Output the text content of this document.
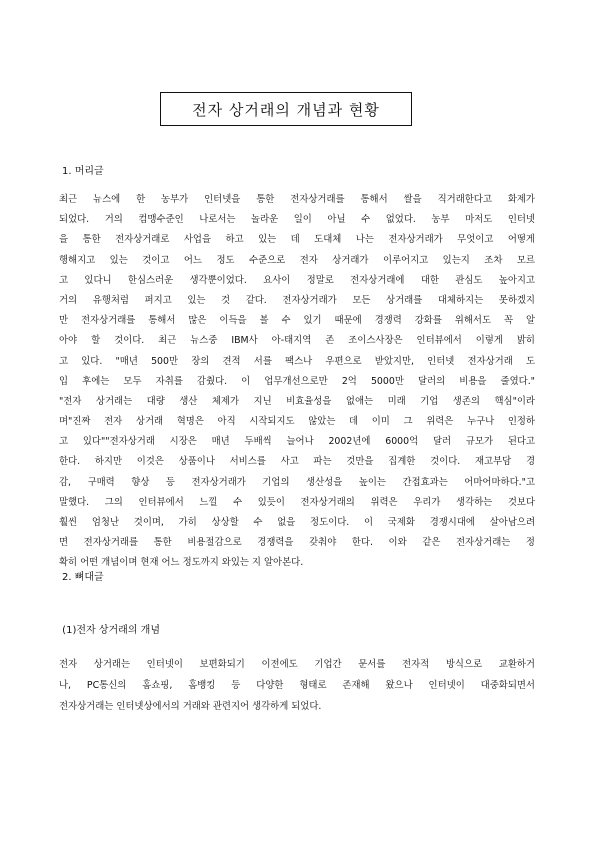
전자 상거래의 개념과 현황
1. 머리글

최근 뉴스에 한 농부가 인터넷을 통한 전자상거래를 통해서 쌀을 직거래한다고 화제가
되었다. 거의 컴맹수준인 나로서는 놀라운 일이 아닐 수 없었다. 농부 마저도 인터넷
을 통한 전자상거래로 사업을 하고 있는 데 도대체 나는 전자상거래가 무엇이고 어떻게
행해지고 있는 것이고 어느 정도 수준으로 전자 상거래가 이루어지고 있는지 조차 모르
고 있다니 한심스러운 생각뿐이었다. 요사이 정말로 전자상거래에 대한 관심도 높아지고
거의 유행처럼 퍼지고 있는 것 같다. 전자상거래가 모든 상거래를 대체하지는 못하겠지
만 전자상거래를 통해서 많은 이득을 볼 수 있기 때문에 경쟁력 강화를 위해서도 꼭 알
아야 할 것이다. 최근 뉴스중 IBM사 아-태지역 존 조이스사장은 인터뷰에서 이렇게 밝히
고 있다. "매년 500만 장의 견적 서를 팩스나 우편으로 받았지만, 인터넷 전자상거래 도
입 후에는 모두 자취를 감췄다. 이 업무개선으로만 2억 5000만 달러의 비용을 줄였다."
"전자 상거래는 대량 생산 체제가 지닌 비효율성을 없애는 미래 기업 생존의 핵심"이라
며"진짜 전자 상거래 혁명은 아직 시작되지도 않았는 데 이미 그 위력은 누구나 인정하
고 있다""전자상거래 시장은 매년 두배씩 늘어나 2002년에 6000억 달러 규모가 된다고
한다. 하지만 이것은 상품이나 서비스를 사고 파는 것만을 집계한 것이다. 재고부담 경
감, 구매력 향상 등 전자상거래가 기업의 생산성을 높이는 간접효과는 어마어마하다."고
말했다. 그의 인터뷰에서 느낄 수 있듯이 전자상거래의 위력은 우리가 생각하는 것보다
훨씬 엄청난 것이며, 가히 상상할 수 없을 정도이다. 이 국제화 경쟁시대에 살아남으려
면 전자상거래를 통한 비용절감으로 경쟁력을 갖춰야 한다. 이와 같은 전자상거래는 정
확히 어떤 개념이며 현재 어느 정도까지 와있는 지 알아본다.

2. 뼈대글
(1)전자 상거래의 개념

전자 상거래는 인터넷이 보편화되기 이전에도 기업간 문서를 전자적 방식으로 교환하거
나, PC통신의 홈쇼핑, 홈뱅킹 등 다양한 형태로 존재해 왔으나 인터넷이 대중화되면서
전자상거래는 인터넷상에서의 거래와 관련지어 생각하게 되었다.
